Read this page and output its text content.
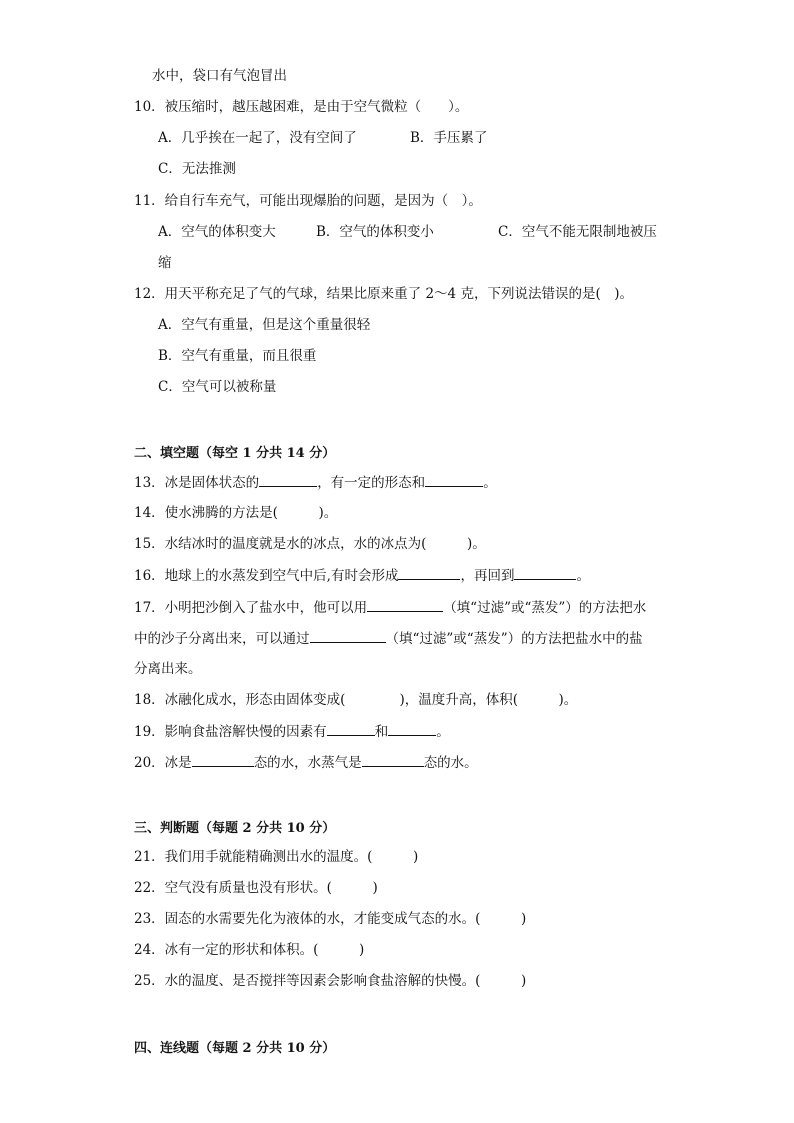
水中，袋口有气泡冒出
10．被压缩时，越压越困难，是由于空气微粒（　　）。
A．几乎挨在一起了，没有空间了	B．手压累了
C．无法推测
11．给自行车充气，可能出现爆胎的问题，是因为（　）。
A．空气的体积变大	B．空气的体积变小	C．空气不能无限制地被压
缩
12．用天平称充足了气的气球，结果比原来重了 2～4 克，下列说法错误的是(　)。
A．空气有重量，但是这个重量很轻
B．空气有重量，而且很重
C．空气可以被称量
二、填空题（每空 1 分共 14 分）
13．冰是固体状态的	，有一定的形态和	。
14．使水沸腾的方法是(　　　)。
15．水结冰时的温度就是水的冰点，水的冰点为(　　　)。
16．地球上的水蒸发到空气中后,有时会形成	，再回到	。
17．小明把沙倒入了盐水中，他可以用	（填“过滤”或“蒸发”）的方法把水
中的沙子分离出来，可以通过	（填“过滤”或“蒸发”）的方法把盐水中的盐
分离出来。
18．冰融化成水，形态由固体变成(　　　　)，温度升高，体积(　　　)。
19．影响食盐溶解快慢的因素有	和	。
20．冰是	态的水，水蒸气是	态的水。
三、判断题（每题 2 分共 10 分）
21．我们用手就能精确测出水的温度。(　　　)
22．空气没有质量也没有形状。(　　　)
23．固态的水需要先化为液体的水，才能变成气态的水。(　　　)
24．冰有一定的形状和体积。(　　　)
25．水的温度、是否搅拌等因素会影响食盐溶解的快慢。(　　　)
四、连线题（每题 2 分共 10 分）
